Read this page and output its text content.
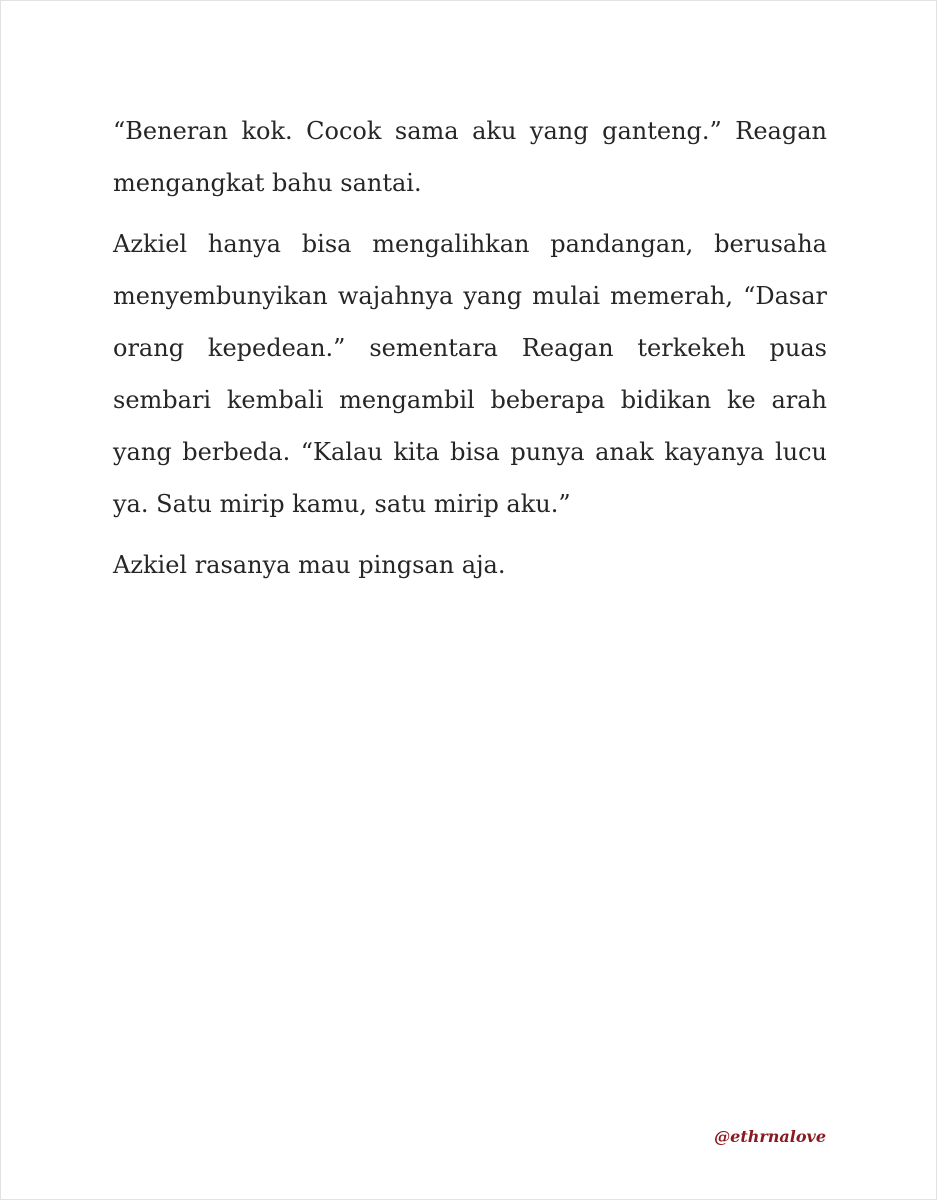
“Beneran kok. Cocok sama aku yang ganteng.” Reagan mengangkat bahu santai.

Azkiel hanya bisa mengalihkan pandangan, berusaha menyembunyikan wajahnya yang mulai memerah, “Dasar orang kepedean.” sementara Reagan terkekeh puas sembari kembali mengambil beberapa bidikan ke arah yang berbeda. “Kalau kita bisa punya anak kayanya lucu ya. Satu mirip kamu, satu mirip aku.”

Azkiel rasanya mau pingsan aja.

@ethrnalove
